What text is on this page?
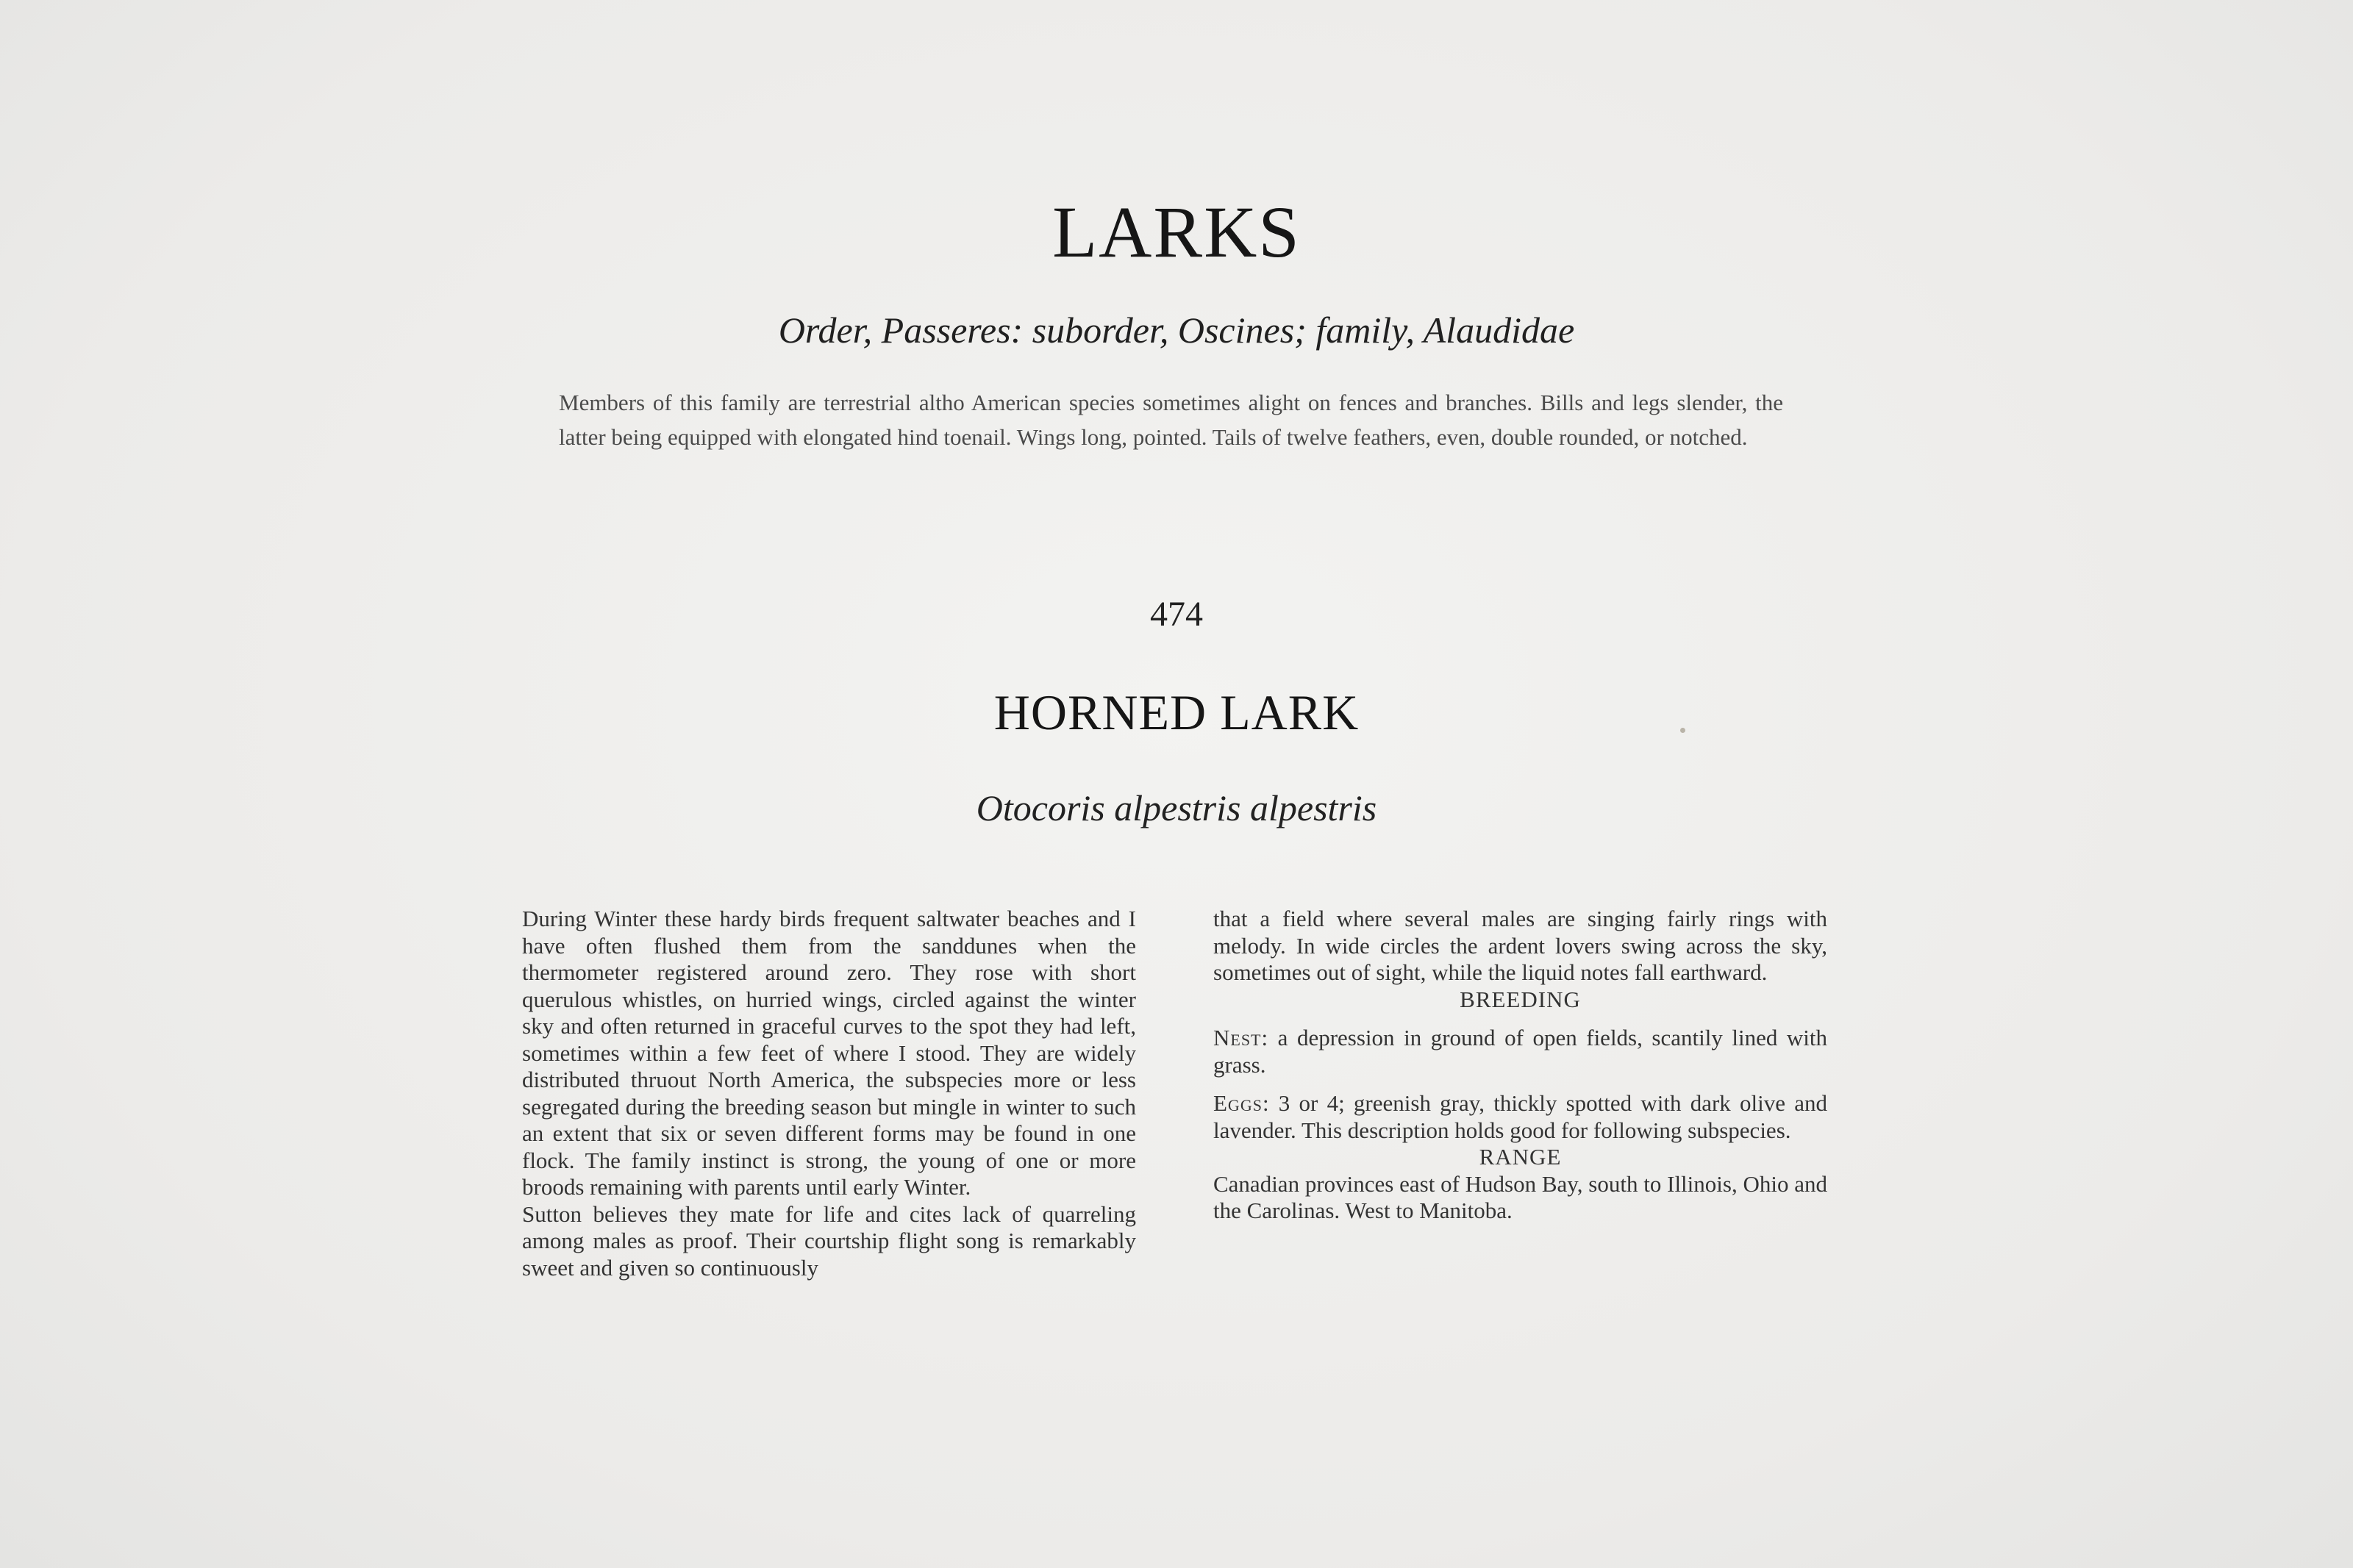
LARKS
Order, Passeres: suborder, Oscines; family, Alaudidae
Members of this family are terrestrial altho American species sometimes alight on fences and branches. Bills and legs slender, the latter being equipped with elongated hind toenail. Wings long, pointed. Tails of twelve feathers, even, double rounded, or notched.
474
HORNED LARK
Otocoris alpestris alpestris

During Winter these hardy birds frequent saltwater beaches and I have often flushed them from the sanddunes when the thermometer registered around zero. They rose with short querulous whistles, on hurried wings, circled against the winter sky and often returned in graceful curves to the spot they had left, sometimes within a few feet of where I stood. They are widely distributed thruout North America, the subspecies more or less segregated during the breeding season but mingle in winter to such an extent that six or seven different forms may be found in one flock. The family instinct is strong, the young of one or more broods remaining with parents until early Winter.

Sutton believes they mate for life and cites lack of quarreling among males as proof. Their courtship flight song is remarkably sweet and given so continuously

that a field where several males are singing fairly rings with melody. In wide circles the ardent lovers swing across the sky, sometimes out of sight, while the liquid notes fall earthward.

BREEDING

Nest: a depression in ground of open fields, scantily lined with grass.

Eggs: 3 or 4; greenish gray, thickly spotted with dark olive and lavender. This description holds good for following subspecies.

RANGE

Canadian provinces east of Hudson Bay, south to Illinois, Ohio and the Carolinas. West to Manitoba.
